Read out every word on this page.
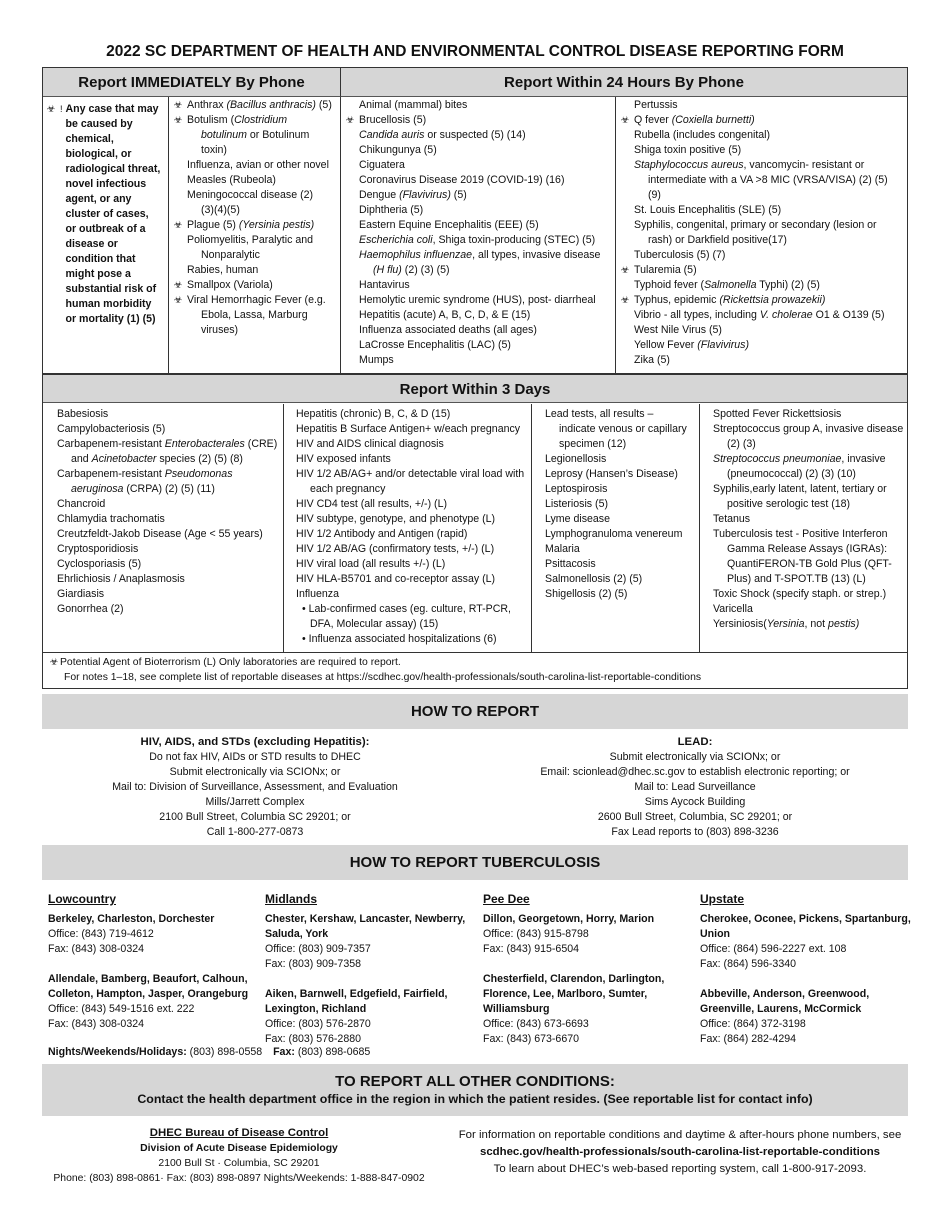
2022 SC DEPARTMENT OF HEALTH AND ENVIRONMENTAL CONTROL DISEASE REPORTING FORM
Report IMMEDIATELY By Phone	Report Within 24 Hours By Phone
☣ ! Any case that may be caused by chemical, biological, or radiological threat, novel infectious agent, or any cluster of cases, or outbreak of a disease or condition that might pose a substantial risk of human morbidity or mortality (1) (5)
☣ Anthrax (Bacillus anthracis) (5)
☣ Botulism (Clostridium
botulinum or Botulinum
toxin)
Influenza, avian or other novel
Measles (Rubeola)
Meningococcal disease (2)
(3)(4)(5)
☣ Plague (5) (Yersinia pestis)
Poliomyelitis, Paralytic and
Nonparalytic
Rabies, human
☣ Smallpox (Variola)
☣ Viral Hemorrhagic Fever (e.g.
Ebola, Lassa, Marburg
viruses)
Animal (mammal) bites
☣ Brucellosis (5)
Candida auris or suspected (5) (14)
Chikungunya (5)
Ciguatera
Coronavirus Disease 2019 (COVID-19) (16)
Dengue (Flavivirus) (5)
Diphtheria (5)
Eastern Equine Encephalitis (EEE) (5)
Escherichia coli, Shiga toxin-producing (STEC) (5)
Haemophilus influenzae, all types, invasive disease
(H flu) (2) (3) (5)
Hantavirus
Hemolytic uremic syndrome (HUS), post- diarrheal
Hepatitis (acute) A, B, C, D, & E (15)
Influenza associated deaths (all ages)
LaCrosse Encephalitis (LAC) (5)
Mumps
Pertussis
☣ Q fever (Coxiella burnetti)
Rubella (includes congenital)
Shiga toxin positive (5)
Staphylococcus aureus, vancomycin- resistant or
intermediate with a VA >8 MIC (VRSA/VISA) (2) (5)
(9)
St. Louis Encephalitis (SLE) (5)
Syphilis, congenital, primary or secondary (lesion or
rash) or Darkfield positive(17)
Tuberculosis (5) (7)
☣ Tularemia (5)
Typhoid fever (Salmonella Typhi) (2) (5)
☣ Typhus, epidemic (Rickettsia prowazekii)
Vibrio - all types, including V. cholerae O1 & O139 (5)
West Nile Virus (5)
Yellow Fever (Flavivirus)
Zika (5)
Report Within 3 Days
Babesiosis
Campylobacteriosis (5)
Carbapenem-resistant Enterobacterales (CRE)
and Acinetobacter species (2) (5) (8)
Carbapenem-resistant Pseudomonas
aeruginosa (CRPA) (2) (5) (11)
Chancroid
Chlamydia trachomatis
Creutzfeldt-Jakob Disease (Age < 55 years)
Cryptosporidiosis
Cyclosporiasis (5)
Ehrlichiosis / Anaplasmosis
Giardiasis
Gonorrhea (2)
Hepatitis (chronic) B, C, & D (15)
Hepatitis B Surface Antigen+ w/each pregnancy
HIV and AIDS clinical diagnosis
HIV exposed infants
HIV 1/2 AB/AG+ and/or detectable viral load with
each pregnancy
HIV CD4 test (all results, +/-) (L)
HIV subtype, genotype, and phenotype (L)
HIV 1/2 Antibody and Antigen (rapid)
HIV 1/2 AB/AG (confirmatory tests, +/-) (L)
HIV viral load (all results +/-) (L)
HIV HLA-B5701 and co-receptor assay (L)
Influenza
• Lab-confirmed cases (eg. culture, RT-PCR,
DFA, Molecular assay) (15)
• Influenza associated hospitalizations (6)
Lead tests, all results –
indicate venous or capillary
specimen (12)
Legionellosis
Leprosy (Hansen’s Disease)
Leptospirosis
Listeriosis (5)
Lyme disease
Lymphogranuloma venereum
Malaria
Psittacosis
Salmonellosis (2) (5)
Shigellosis (2) (5)
Spotted Fever Rickettsiosis
Streptococcus group A, invasive disease
(2) (3)
Streptococcus pneumoniae, invasive
(pneumococcal) (2) (3) (10)
Syphilis,early latent, latent, tertiary or
positive serologic test (18)
Tetanus
Tuberculosis test - Positive Interferon
Gamma Release Assays (IGRAs):
QuantiFERON-TB Gold Plus (QFT-
Plus) and T-SPOT.TB (13) (L)
Toxic Shock (specify staph. or strep.)
Varicella
Yersiniosis(Yersinia, not pestis)
☣ Potential Agent of Bioterrorism (L) Only laboratories are required to report.
For notes 1–18, see complete list of reportable diseases at https://scdhec.gov/health-professionals/south-carolina-list-reportable-conditions
HOW TO REPORT
HIV, AIDS, and STDs (excluding Hepatitis):
Do not fax HIV, AIDs or STD results to DHEC
Submit electronically via SCIONx; or
Mail to: Division of Surveillance, Assessment, and Evaluation
Mills/Jarrett Complex
2100 Bull Street, Columbia SC 29201; or
Call 1-800-277-0873
LEAD:
Submit electronically via SCIONx; or
Email: scionlead@dhec.sc.gov to establish electronic reporting; or
Mail to: Lead Surveillance
Sims Aycock Building
2600 Bull Street, Columbia, SC 29201; or
Fax Lead reports to (803) 898-3236
HOW TO REPORT TUBERCULOSIS
Lowcountry
Berkeley, Charleston, Dorchester
Office: (843) 719-4612
Fax: (843) 308-0324
Allendale, Bamberg, Beaufort, Calhoun, Colleton, Hampton, Jasper, Orangeburg
Office: (843) 549-1516 ext. 222
Fax: (843) 308-0324
Midlands
Chester, Kershaw, Lancaster, Newberry, Saluda, York
Office: (803) 909-7357
Fax: (803) 909-7358
Aiken, Barnwell, Edgefield, Fairfield, Lexington, Richland
Office: (803) 576-2870
Fax: (803) 576-2880
Pee Dee
Dillon, Georgetown, Horry, Marion
Office: (843) 915-8798
Fax: (843) 915-6504
Chesterfield, Clarendon, Darlington, Florence, Lee, Marlboro, Sumter, Williamsburg
Office: (843) 673-6693
Fax: (843) 673-6670
Upstate
Cherokee, Oconee, Pickens, Spartanburg, Union
Office: (864) 596-2227 ext. 108
Fax: (864) 596-3340
Abbeville, Anderson, Greenwood, Greenville, Laurens, McCormick
Office: (864) 372-3198
Fax: (864) 282-4294
Nights/Weekends/Holidays: (803) 898-0558 Fax: (803) 898-0685
TO REPORT ALL OTHER CONDITIONS:
Contact the health department office in the region in which the patient resides. (See reportable list for contact info)
DHEC Bureau of Disease Control
Division of Acute Disease Epidemiology
2100 Bull St · Columbia, SC 29201
Phone: (803) 898-0861· Fax: (803) 898-0897 Nights/Weekends: 1-888-847-0902
For information on reportable conditions and daytime & after-hours phone numbers, see
scdhec.gov/health-professionals/south-carolina-list-reportable-conditions
To learn about DHEC’s web-based reporting system, call 1-800-917-2093.
